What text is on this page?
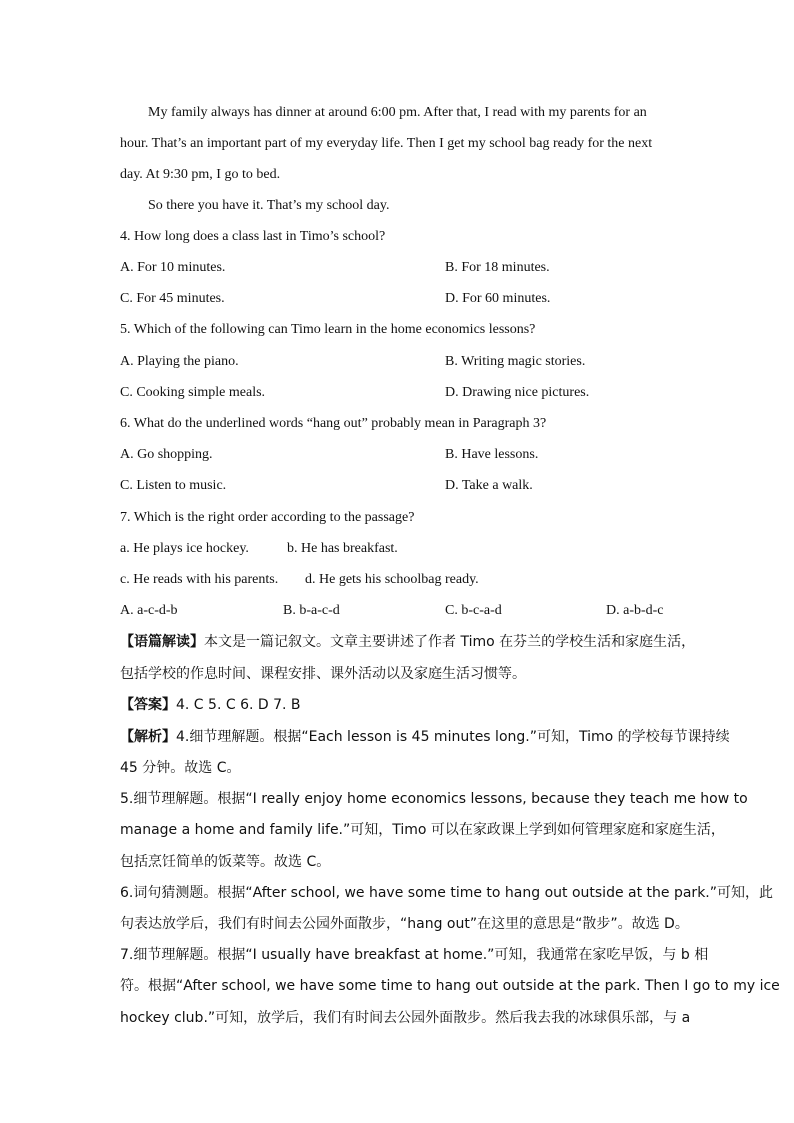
My family always has dinner at around 6:00 pm. After that, I read with my parents for an
hour. That’s an important part of my everyday life. Then I get my school bag ready for the next
day. At 9:30 pm, I go to bed.
So there you have it. That’s my school day.
4. How long does a class last in Timo’s school?
A. For 10 minutes.	B. For 18 minutes.
C. For 45 minutes.	D. For 60 minutes.
5. Which of the following can Timo learn in the home economics lessons?
A. Playing the piano.	B. Writing magic stories.
C. Cooking simple meals.	D. Drawing nice pictures.
6. What do the underlined words “hang out” probably mean in Paragraph 3?
A. Go shopping.	B. Have lessons.
C. Listen to music.	D. Take a walk.
7. Which is the right order according to the passage?
a. He plays ice hockey.	b. He has breakfast.
c. He reads with his parents. d. He gets his schoolbag ready.
A. a-c-d-b	B. b-a-c-d	C. b-c-a-d	D. a-b-d-c
【语篇解读】本文是一篇记叙文。文章主要讲述了作者 Timo 在芬兰的学校生活和家庭生活，
包括学校的作息时间、课程安排、课外活动以及家庭生活习惯等。
【答案】4. C 5. C 6. D 7. B
【解析】4.细节理解题。根据“Each lesson is 45 minutes long.”可知，Timo 的学校每节课持续
45 分钟。故选 C。
5.细节理解题。根据“I really enjoy home economics lessons, because they teach me how to
manage a home and family life.”可知，Timo 可以在家政课上学到如何管理家庭和家庭生活，
包括烹饪简单的饭菜等。故选 C。
6.词句猜测题。根据“After school, we have some time to hang out outside at the park.”可知，此
句表达放学后，我们有时间去公园外面散步，“hang out”在这里的意思是“散步”。故选 D。
7.细节理解题。根据“I usually have breakfast at home.”可知，我通常在家吃早饭，与 b 相
符。根据“After school, we have some time to hang out outside at the park. Then I go to my ice
hockey club.”可知，放学后，我们有时间去公园外面散步。然后我去我的冰球俱乐部，与 a
